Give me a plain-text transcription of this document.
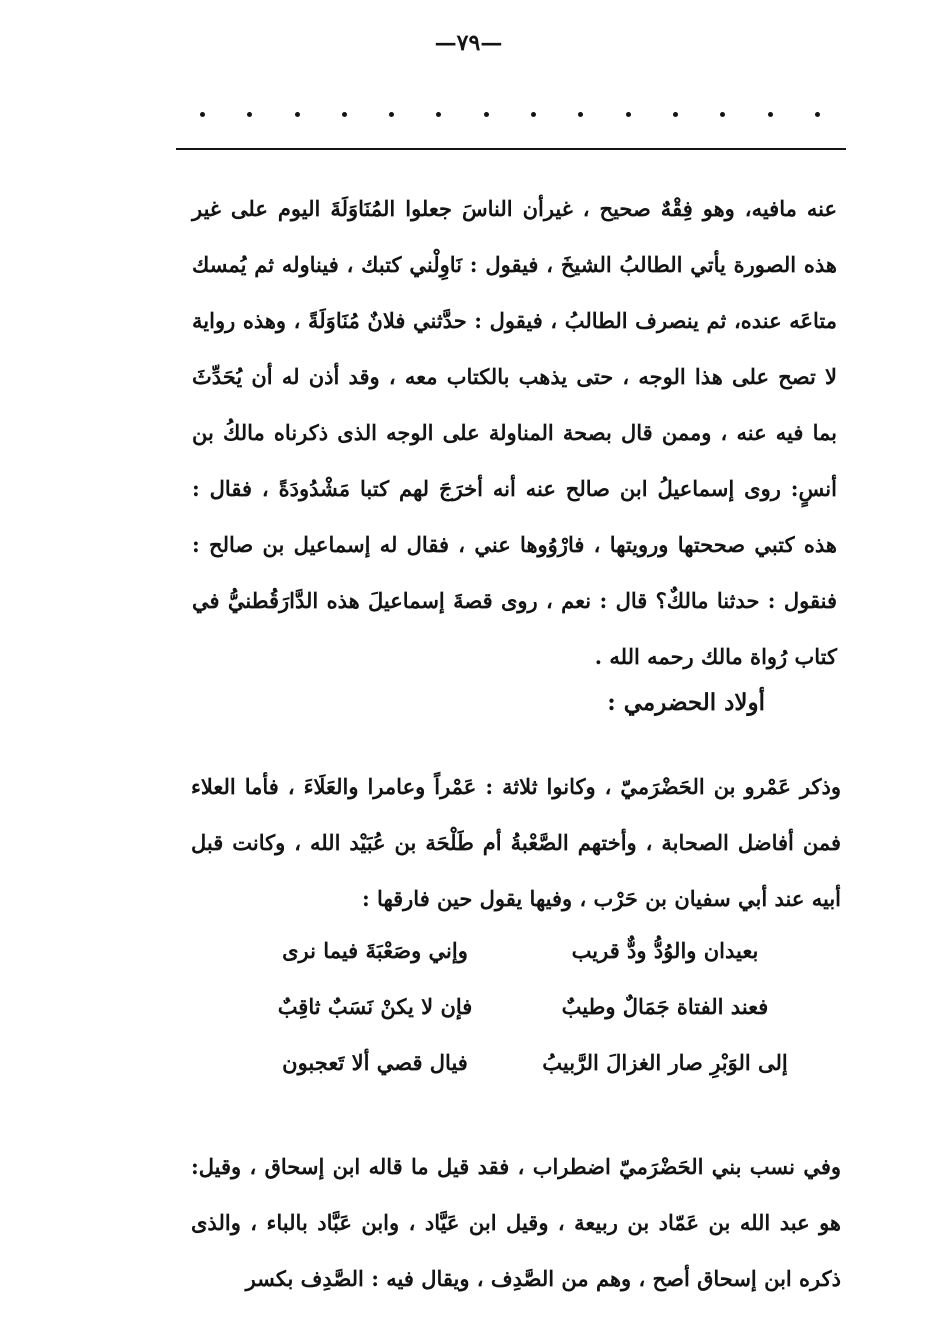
—٧٩—

عنه مافيه، وهو فِقْهٌ صحيح ، غيرأن الناسَ جعلوا المُنَاوَلَةَ اليوم على غير هذه الصورة يأتي الطالبُ الشيخَ ، فيقول : نَاوِلْني كتبك ، فيناوله ثم يُمسك متاعَه عنده، ثم ينصرف الطالبُ ، فيقول : حدَّثني فلانٌ مُنَاوَلَةً ، وهذه رواية لا تصح على هذا الوجه ، حتى يذهب بالكتاب معه ، وقد أذن له أن يُحَدِّثَ بما فيه عنه ، وممن قال بصحة المناولة على الوجه الذى ذكرناه مالكُ بن أنسٍ: روى إسماعيلُ ابن صالح عنه أنه أخرَجَ لهم كتبا مَشْدُودَةً ، فقال : هذه كتبي صححتها ورويتها ، فارْوُوها عني ، فقال له إسماعيل بن صالح : فنقول : حدثنا مالكٌ؟ قال : نعم ، روى قصةَ إسماعيلَ هذه الدَّارَقُطنيُّ في كتاب رُواة مالك رحمه الله .

أولاد الحضرمي :

وذكر عَمْرو بن الحَضْرَميّ ، وكانوا ثلاثة : عَمْراً وعامرا والعَلَاءَ ، فأما العلاء فمن أفاضل الصحابة ، وأختهم الصَّعْبةُ أم طَلْحَة بن عُبَيْد الله ، وكانت قبل أبيه عند أبي سفيان بن حَرْب ، وفيها يقول حين فارقها :

وإني وصَعْبَةَ فيما نرى	بعيدان والوُدُّ ودٌّ قريب
فإن لا يكنْ نَسَبٌ ثاقِبٌ	فعند الفتاة جَمَالٌ وطيبٌ
فيال قصي ألا تَعجبون	إلى الوَبْرِ صار الغزالَ الرَّبيبُ

وفي نسب بني الحَضْرَميّ اضطراب ، فقد قيل ما قاله ابن إسحاق ، وقيل: هو عبد الله بن عَمّاد بن ربيعة ، وقيل ابن عَيَّاد ، وابن عَبَّاد بالباء ، والذى ذكره ابن إسحاق أصح ، وهم من الصَّدِف ، ويقال فيه : الصَّدِف بكسر
